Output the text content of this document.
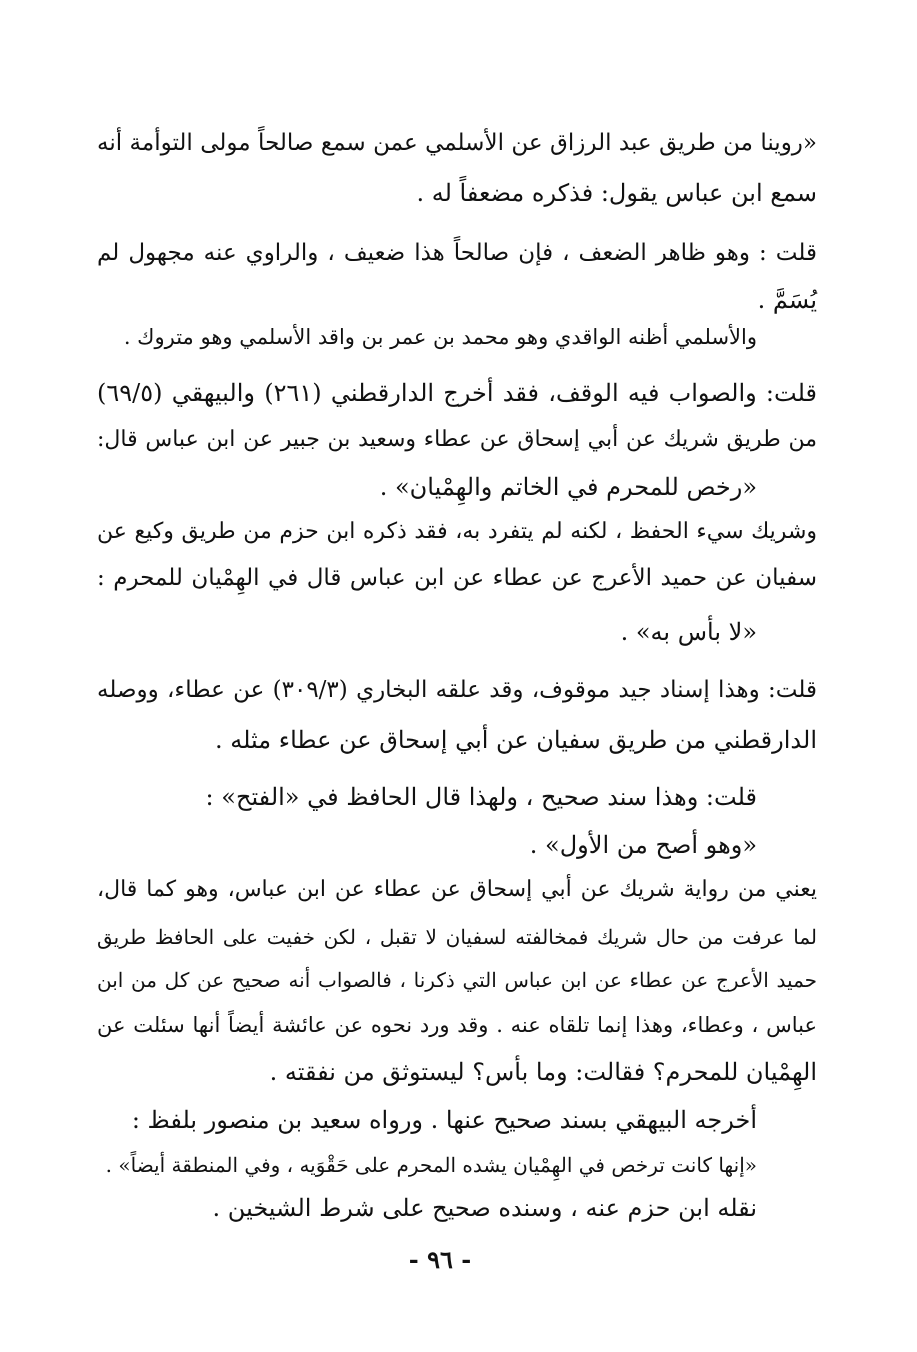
«روينا من طريق عبد الرزاق عن الأسلمي عمن سمع صالحاً مولى التوأمة أنه
سمع ابن عباس يقول: فذكره مضعفاً له .
قلت : وهو ظاهر الضعف ، فإن صالحاً هذا ضعيف ، والراوي عنه مجهول لم
يُسَمَّ .
والأسلمي أظنه الواقدي وهو محمد بن عمر بن واقد الأسلمي وهو متروك .
قلت: والصواب فيه الوقف، فقد أخرج الدارقطني (٢٦١) والبيهقي (٦٩/٥)
من طريق شريك عن أبي إسحاق عن عطاء وسعيد بن جبير عن ابن عباس قال:
«رخص للمحرم في الخاتم والهِمْيان» .
وشريك سيء الحفظ ، لكنه لم يتفرد به، فقد ذكره ابن حزم من طريق وكيع عن
سفيان عن حميد الأعرج عن عطاء عن ابن عباس قال في الهِمْيان للمحرم :
«لا بأس به» .
قلت: وهذا إسناد جيد موقوف، وقد علقه البخاري (٣٠٩/٣) عن عطاء، ووصله
الدارقطني من طريق سفيان عن أبي إسحاق عن عطاء مثله .
قلت: وهذا سند صحيح ، ولهذا قال الحافظ في «الفتح» :
«وهو أصح من الأول» .
يعني من رواية شريك عن أبي إسحاق عن عطاء عن ابن عباس، وهو كما قال،
لما عرفت من حال شريك فمخالفته لسفيان لا تقبل ، لكن خفيت على الحافظ طريق
حميد الأعرج عن عطاء عن ابن عباس التي ذكرنا ، فالصواب أنه صحيح عن كل من ابن
عباس ، وعطاء، وهذا إنما تلقاه عنه . وقد ورد نحوه عن عائشة أيضاً أنها سئلت عن
الهِمْيان للمحرم؟ فقالت: وما بأس؟ ليستوثق من نفقته .
أخرجه البيهقي بسند صحيح عنها . ورواه سعيد بن منصور بلفظ :
«إنها كانت ترخص في الهِمْيان يشده المحرم على حَقْوَيه ، وفي المنطقة أيضاً» .
نقله ابن حزم عنه ، وسنده صحيح على شرط الشيخين .
- ٩٦ -
